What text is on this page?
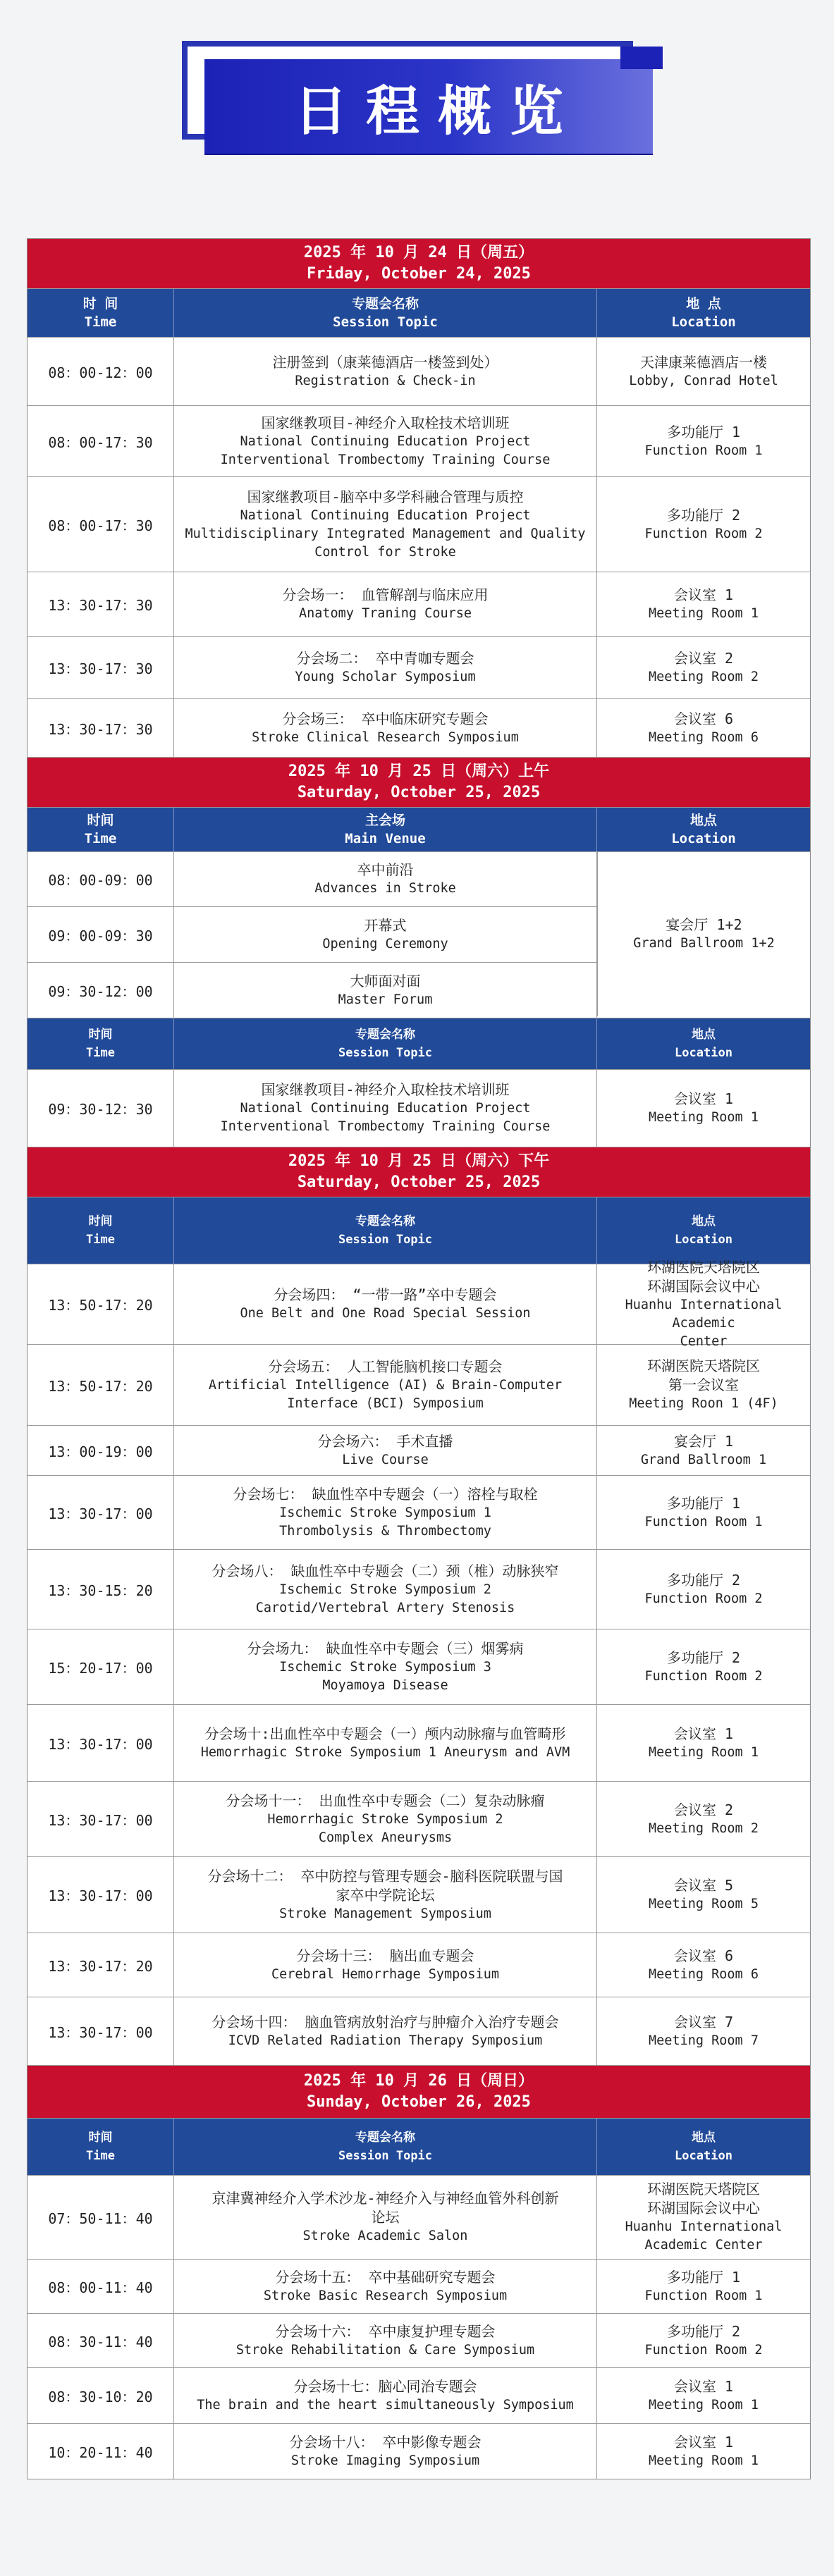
日程概览
2025 年 10 月 24 日（周五）
Friday, October 24, 2025
时 间
Time
专题会名称
Session Topic
地 点
Location
08：00-12：00
注册签到（康莱德酒店一楼签到处）
Registration & Check-in
天津康莱德酒店一楼
Lobby, Conrad Hotel
08：00-17：30
国家继教项目-神经介入取栓技术培训班
National Continuing Education Project
Interventional Trombectomy Training Course
多功能厅 1
Function Room 1
08：00-17：30
国家继教项目-脑卒中多学科融合管理与质控
National Continuing Education Project
Multidisciplinary Integrated Management and Quality
Control for Stroke
多功能厅 2
Function Room 2
13：30-17：30
分会场一： 血管解剖与临床应用
Anatomy Traning Course
会议室 1
Meeting Room 1
13：30-17：30
分会场二： 卒中青咖专题会
Young Scholar Symposium
会议室 2
Meeting Room 2
13：30-17：30
分会场三： 卒中临床研究专题会
Stroke Clinical Research Symposium
会议室 6
Meeting Room 6
2025 年 10 月 25 日（周六）上午
Saturday, October 25, 2025
时间
Time
主会场
Main Venue
地点
Location
08：00-09：00
卒中前沿
Advances in Stroke
09：00-09：30
开幕式
Opening Ceremony
09：30-12：00
大师面对面
Master Forum
宴会厅 1+2
Grand Ballroom 1+2
时间
Time
专题会名称
Session Topic
地点
Location
09：30-12：30
国家继教项目-神经介入取栓技术培训班
National Continuing Education Project
Interventional Trombectomy Training Course
会议室 1
Meeting Room 1
2025 年 10 月 25 日（周六）下午
Saturday, October 25, 2025
时间
Time
专题会名称
Session Topic
地点
Location
13：50-17：20
分会场四： “一带一路”卒中专题会
One Belt and One Road Special Session
环湖医院天塔院区
环湖国际会议中心
Huanhu International Academic
Center
13：50-17：20
分会场五： 人工智能脑机接口专题会
Artificial Intelligence (AI) & Brain-Computer
Interface (BCI) Symposium
环湖医院天塔院区
第一会议室
Meeting Roon 1 (4F)
13：00-19：00
分会场六： 手术直播
Live Course
宴会厅 1
Grand Ballroom 1
13：30-17：00
分会场七： 缺血性卒中专题会（一）溶栓与取栓
Ischemic Stroke Symposium 1
Thrombolysis & Thrombectomy
多功能厅 1
Function Room 1
13：30-15：20
分会场八： 缺血性卒中专题会（二）颈（椎）动脉狭窄
Ischemic Stroke Symposium 2
Carotid/Vertebral Artery Stenosis
多功能厅 2
Function Room 2
15：20-17：00
分会场九： 缺血性卒中专题会（三）烟雾病
Ischemic Stroke Symposium 3
Moyamoya Disease
多功能厅 2
Function Room 2
13：30-17：00
分会场十:出血性卒中专题会（一）颅内动脉瘤与血管畸形
Hemorrhagic Stroke Symposium 1 Aneurysm and AVM
会议室 1
Meeting Room 1
13：30-17：00
分会场十一： 出血性卒中专题会（二）复杂动脉瘤
Hemorrhagic Stroke Symposium 2
Complex Aneurysms
会议室 2
Meeting Room 2
13：30-17：00
分会场十二： 卒中防控与管理专题会-脑科医院联盟与国
家卒中学院论坛
Stroke Management Symposium
会议室 5
Meeting Room 5
13：30-17：20
分会场十三： 脑出血专题会
Cerebral Hemorrhage Symposium
会议室 6
Meeting Room 6
13：30-17：00
分会场十四： 脑血管病放射治疗与肿瘤介入治疗专题会
ICVD Related Radiation Therapy Symposium
会议室 7
Meeting Room 7
2025 年 10 月 26 日（周日）
Sunday, October 26, 2025
时间
Time
专题会名称
Session Topic
地点
Location
07：50-11：40
京津冀神经介入学术沙龙-神经介入与神经血管外科创新
论坛
Stroke Academic Salon
环湖医院天塔院区
环湖国际会议中心
Huanhu International
Academic Center
08：00-11：40
分会场十五： 卒中基础研究专题会
Stroke Basic Research Symposium
多功能厅 1
Function Room 1
08：30-11：40
分会场十六： 卒中康复护理专题会
Stroke Rehabilitation & Care Symposium
多功能厅 2
Function Room 2
08：30-10：20
分会场十七：脑心同治专题会
The brain and the heart simultaneously Symposium
会议室 1
Meeting Room 1
10：20-11：40
分会场十八： 卒中影像专题会
Stroke Imaging Symposium
会议室 1
Meeting Room 1
